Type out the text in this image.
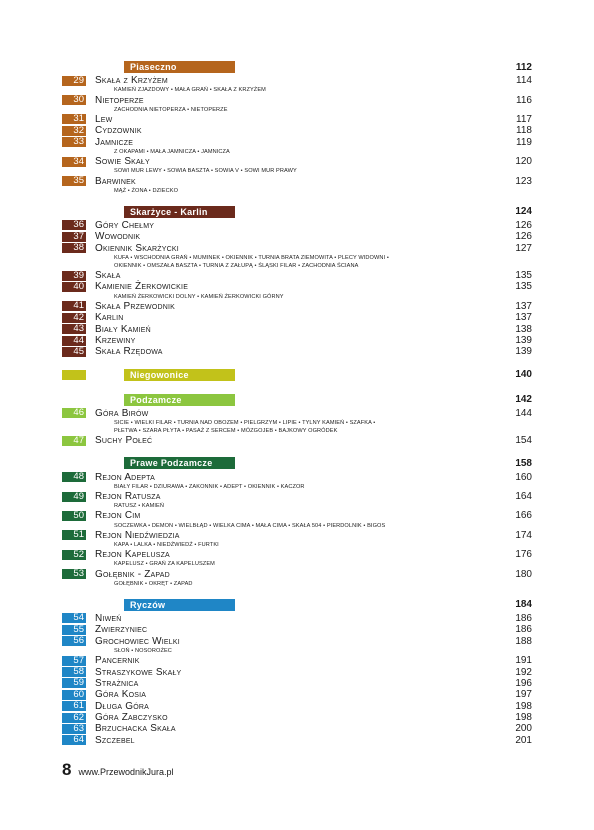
Piaseczno	112
29 Skała z Krzyżem	114
KAMIEŃ ZJAZDOWY • MAŁA GRAŃ • SKAŁA Z KRZYŻEM
30 Nietoperze	116
ZACHODNIA NIETOPERZA • NIETOPERZE
31 Lew	117
32 Cydzownik	118
33 Jamnicze	119
Z OKAPAMI • MAŁA JAMNICZA • JAMNICZA
34 Sowie Skały	120
SOWI MUR LEWY • SOWIA BASZTA • SOWIA V • SOWI MUR PRAWY
35 Barwinek	123
MĄŻ • ŻONA • DZIECKO
Skarżyce - Karlin	124
36 Góry Chełmy	126
37 Wowodnik	126
38 Okiennik Skarżycki	127
KUFA • WSCHODNIA GRAŃ • MUMINEK • OKIENNIK • TURNIA BRATA ZIEMOWITA • PLECY WIDOWNI •
OKIENNIK • OMSZAŁA BASZTA • TURNIA Z ZAŁUPĄ • ŚLĄSKI FILAR • ZACHODNIA ŚCIANA
39 Skała	135
40 Kamienie Żerkowickie	135
KAMIEŃ ŻERKOWICKI DOLNY • KAMIEŃ ŻERKOWICKI GÓRNY
41 Skała Przewodnik	137
42 Karlin	137
43 Biały Kamień	138
44 Krzewiny	139
45 Skała Rzędowa	139
Niegowonice	140
Podzamcze	142
46 Góra Birów	144
SICIE • WIELKI FILAR • TURNIA NAD OBOZEM • PIELGRZYM • LIPIE • TYLNY KAMIEŃ • SZAFKA •
PŁETWA • SZARA PŁYTA • PASAŻ Z SERCEM • MÓZGOJEB • BAJKOWY OGRÓDEK
47 Suchy Połeć	154
Prawe Podzamcze	158
48 Rejon Adepta	160
BIAŁY FILAR • DZIURAWA • ZAKONNIK • ADEPT • OKIENNIK • KACZOR
49 Rejon Ratusza	164
RATUSZ • KAMIEŃ
50 Rejon Cim	166
SOCZEWKA • DEMON • WIELBŁĄD • WIELKA CIMA • MAŁA CIMA • SKAŁA 504 • PIERDOLNIK • BIGOS
51 Rejon Niedźwiedzia	174
KAPA • LALKA • NIEDŹWIEDŹ • FURTKI
52 Rejon Kapelusza	176
KAPELUSZ • GRAŃ ZA KAPELUSZEM
53 Gołębnik - Zapad	180
GOŁĘBNIK • OKRĘT • ZAPAD
Ryczów	184
54 Niweń	186
55 Zwierzyniec	186
56 Grochowiec Wielki	188
SŁOŃ • NOSOROŻEC
57 Pancernik	191
58 Straszykowe Skały	192
59 Strażnica	196
60 Góra Kosia	197
61 Długa Góra	198
62 Góra Zabczysko	198
63 Brzuchacka Skała	200
64 Szczebel	201
8 www.PrzewodnikJura.pl
